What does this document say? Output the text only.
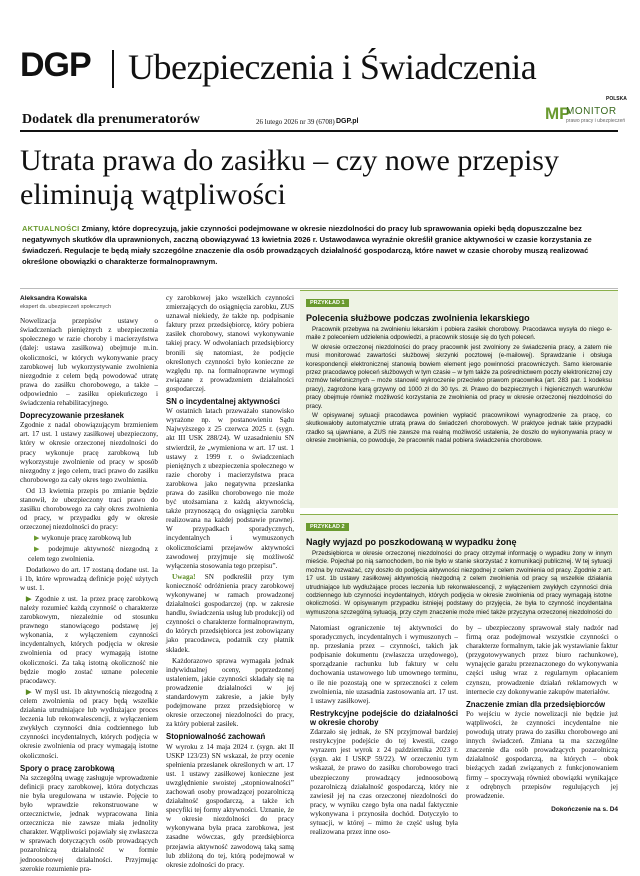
DGP Ubezpieczenia i Świadczenia
POLSKA
MP
MONITOR
prawo pracy i ubezpieczeń
Dodatek dla prenumeratorów	26 lutego 2026 nr 39 (6708) DGP.pl
Utrata prawa do zasiłku – czy nowe przepisy eliminują wątpliwości
AKTUALNOŚCI Zmiany, które doprecyzują, jakie czynności podejmowane w okresie niezdolności do pracy lub sprawowania opieki będą dopuszczalne bez negatywnych skutków dla uprawnionych, zaczną obowiązywać 13 kwietnia 2026 r. Ustawodawca wyraźnie określił granice aktywności w czasie korzystania ze świadczeń. Regulacje te będą miały szczególne znaczenie dla osób prowadzących działalność gospodarczą, które nawet w czasie choroby muszą realizować określone obowiązki o charakterze formalnoprawnym.
Aleksandra Kowalska
ekspert ds. ubezpieczeń społecznych

Nowelizacja przepisów ustawy o świadczeniach pieniężnych z ubezpieczenia społecznego w razie choroby i macierzyństwa (dalej: ustawa zasiłkowa) obejmuje m.in. okoliczności, w których wykonywanie pracy zarobkowej lub wykorzystywanie zwolnienia niezgodnie z celem będą powodować utratę prawa do zasiłku chorobowego, a także – odpowiednio – zasiłku opiekuńczego i świadczenia rehabilitacyjnego.

Doprecyzowanie przesłanek

Zgodnie z nadal obowiązującym brzmieniem art. 17 ust. 1 ustawy zasiłkowej ubezpieczony, który w okresie orzeczonej niezdolności do pracy wykonuje pracę zarobkową lub wykorzystuje zwolnienie od pracy w sposób niezgodny z jego celem, traci prawo do zasiłku chorobowego za cały okres tego zwolnienia.

Od 13 kwietnia przepis po zmianie będzie stanowił, że ubezpieczony traci prawo do zasiłku chorobowego za cały okres zwolnienia od pracy, w przypadku gdy w okresie orzeczonej niezdolności do pracy:

▶ wykonuje pracę zarobkową lub

▶ podejmuje aktywność niezgodną z celem tego zwolnienia.

Dodatkowo do art. 17 zostaną dodane ust. 1a i 1b, które wprowadzą definicje pojęć użytych w ust. 1.

▶ Zgodnie z ust. 1a przez pracę zarobkową należy rozumieć każdą czynność o charakterze zarobkowym, niezależnie od stosunku prawnego stanowiącego podstawę jej wykonania, z wyłączeniem czynności incydentalnych, których podjęcia w okresie zwolnienia od pracy wymagają istotne okoliczności. Za taką istotną okoliczność nie będzie mogło zostać uznane polecenie pracodawcy.

▶ W myśl ust. 1b aktywnością niezgodną z celem zwolnienia od pracy będą wszelkie działania utrudniające lub wydłużające proces leczenia lub rekonwalescencji, z wyłączeniem zwykłych czynności dnia codziennego lub czynności incydentalnych, których podjęcia w okresie zwolnienia od pracy wymagają istotne okoliczności.

Spory o pracę zarobkową

Na szczególną uwagę zasługuje wprowadzenie definicji pracy zarobkowej, która dotychczas nie była uregulowana w ustawie. Pojęcie to było wprawdzie rekonstruowane w orzecznictwie, jednak wypracowana linia orzecznicza nie zawsze miała jednolity charakter. Wątpliwości pojawiały się zwłaszcza w sprawach dotyczących osób prowadzących pozarolniczą działalność w formie jednoosobowej działalności. Przyjmując szerokie rozumienie pra-

cy zarobkowej jako wszelkich czynności zmierzających do osiągnięcia zarobku, ZUS uznawał niekiedy, że także np. podpisanie faktury przez przedsiębiorcę, który pobiera zasiłek chorobowy, stanowi wykonywanie takiej pracy. W odwołaniach przedsiębiorcy bronili się natomiast, że podjęcie określonych czynności było konieczne ze względu np. na formalnoprawne wymogi związane z prowadzeniem działalności gospodarczej.

SN o incydentalnej aktywności

W ostatnich latach przeważało stanowisko wyrażone np. w postanowieniu Sądu Najwyższego z 25 czerwca 2025 r. (sygn. akt III USK 288/24). W uzasadnieniu SN stwierdził, że „wymieniona w art. 17 ust. 1 ustawy z 1999 r. o świadczeniach pieniężnych z ubezpieczenia społecznego w razie choroby i macierzyństwa praca zarobkowa jako negatywna przesłanka prawa do zasiłku chorobowego nie może być utożsamiana z każdą aktywnością, także przynoszącą do osiągnięcia zarobku realizowana na każdej podstawie prawnej. W przypadkach sporadycznych, incydentalnych i wymuszonych okolicznościami przejawów aktywności zawodowej przyjmuje się możliwość wyłączenia stosowania tego przepisu”.

Uwaga! SN podkreślił przy tym konieczność odróżnienia pracy zarobkowej wykonywanej w ramach prowadzonej działalności gospodarczej (np. w zakresie handlu, świadczenia usług lub produkcji) od czynności o charakterze formalnoprawnym, do których przedsiębiorca jest zobowiązany jako pracodawca, podatnik czy płatnik składek.

Każdorazowo sprawa wymagała jednak indywidualnej oceny, poprzedzonej ustaleniem, jakie czynności składały się na prowadzenie działalności w jej standardowym zakresie, a jakie były podejmowane przez przedsiębiorcę w okresie orzeczonej niezdolności do pracy, za który pobierał zasiłek.

Stopniowalność zachowań

W wyroku z 14 maja 2024 r. (sygn. akt II USKP 123/23) SN wskazał, że przy ocenie spełnienia przesłanek określonych w art. 17 ust. 1 ustawy zasiłkowej konieczne jest uwzględnienie swoistej „stopniowalności” zachowań osoby prowadzącej pozarolniczą działalność gospodarczą, a także ich specyfiki tej formy aktywności. Uznanie, że w okresie niezdolności do pracy wykonywana była praca zarobkowa, jest zasadne wówczas, gdy przedsiębiorca przejawia aktywność zawodową taką samą lub zbliżoną do tej, którą podejmował w okresie zdolności do pracy.

PRZYKŁAD 1
Polecenia służbowe podczas zwolnienia lekarskiego

Pracownik przebywa na zwolnieniu lekarskim i pobiera zasiłek chorobowy. Pracodawca wysyła do niego e-maile z poleceniem udzielenia odpowiedzi, a pracownik stosuje się do tych poleceń.

W okresie orzeczonej niezdolności do pracy pracownik jest zwolniony ze świadczenia pracy, a zatem nie musi monitorować zawartości służbowej skrzynki pocztowej (e-mailowej). Sprawdzanie i obsługa korespondencji elektronicznej stanowią bowiem element jego powinności pracowniczych. Samo kierowanie przez pracodawcę poleceń służbowych w tym czasie – w tym także za pośrednictwem poczty elektronicznej czy rozmów telefonicznych – może stanowić wykroczenie przeciwko prawom pracownika (art. 283 par. 1 kodeksu pracy), zagrożone karą grzywny od 1000 zł do 30 tys. zł. Prawo do bezpiecznych i higienicznych warunków pracy obejmuje również możliwość korzystania ze zwolnienia od pracy w okresie orzeczonej niezdolności do pracy.

W opisywanej sytuacji pracodawca powinien wypłacić pracownikowi wynagrodzenie za pracę, co skutkowałoby automatycznie utratą prawa do świadczeń chorobowych. W praktyce jednak takie przypadki rzadko są ujawniane, a ZUS nie zawsze ma realną możliwość ustalenia, że doszło do wykonywania pracy w okresie zwolnienia, co powoduje, że pracownik nadal pobiera świadczenia chorobowe.

PRZYKŁAD 2
Nagły wyjazd po poszkodowaną w wypadku żonę

Przedsiębiorca w okresie orzeczonej niezdolności do pracy otrzymał informację o wypadku żony w innym mieście. Pojechał po nią samochodem, bo nie było w stanie skorzystać z komunikacji publicznej. W tej sytuacji można by rozważać, czy doszło do podjęcia aktywności niezgodnej z celem zwolnienia od pracy. Zgodnie z art. 17 ust. 1b ustawy zasiłkowej aktywnością niezgodną z celem zwolnienia od pracy są wszelkie działania utrudniające lub wydłużające proces leczenia lub rekonwalescencji, z wyłączeniem zwykłych czynności dnia codziennego lub czynności incydentalnych, których podjęcia w okresie zwolnienia od pracy wymagają istotne okoliczności. W opisywanym przypadku istniejej podstawy do przyjęcia, że była to czynność incydentalna wymuszona szczególną sytuacją, przy czym znaczenie może mieć także przyczyna orzeczonej niezdolności do

Natomiast ograniczenie tej aktywności do sporadycznych, incydentalnych i wymuszonych – np. przesłania przez – czynności, takich jak podpisanie dokumentu (zwłaszcza urzędowego), sporządzanie rachunku lub faktury w celu dochowania ustawowego lub umownego terminu, o ile nie pozostają one w sprzeczności z celem zwolnienia, nie uzasadnia zastosowania art. 17 ust. 1 ustawy zasiłkowej.

Restrykcyjne podejście do działalności w okresie choroby

Zdarzało się jednak, że SN przyjmował bardziej restrykcyjne podejście do tej kwestii, czego wyrazem jest wyrok z 24 października 2023 r. (sygn. akt I USKP 59/22). W orzeczeniu tym wskazał, że prawo do zasiłku chorobowego traci ubezpieczony prowadzący jednoosobową pozarolniczą działalność gospodarczą, który nie zawiesił jej na czas orzeczonej niezdolności do pracy, w wyniku czego była ona nadal faktycznie wykonywana i przynosiła dochód. Dotyczyło to sytuacji, w której – mimo że część usług była realizowana przez inne oso-

by – ubezpieczony sprawował stały nadzór nad firmą oraz podejmował wszystkie czynności o charakterze formalnym, takie jak wystawianie faktur (przygotowywanych przez biuro rachunkowe), wynajęcie garażu przeznaczonego do wykonywania części usług wraz z regularnym opłacaniem czynszu, prowadzenie działań reklamowych w internecie czy dokonywanie zakupów materiałów.

Znaczenie zmian dla przedsiębiorców

Po wejściu w życie nowelizacji nie będzie już wątpliwości, że czynności incydentalne nie powodują utraty prawa do zasiłku chorobowego ani innych świadczeń. Zmiana ta ma szczególne znaczenie dla osób prowadzących pozarolniczą działalność gospodarczą, na których – obok bieżących zadań związanych z funkcjonowaniem firmy – spoczywają również obowiązki wynikające z odrębnych przepisów regulujących jej prowadzenie.

Dokończenie na s. D4
